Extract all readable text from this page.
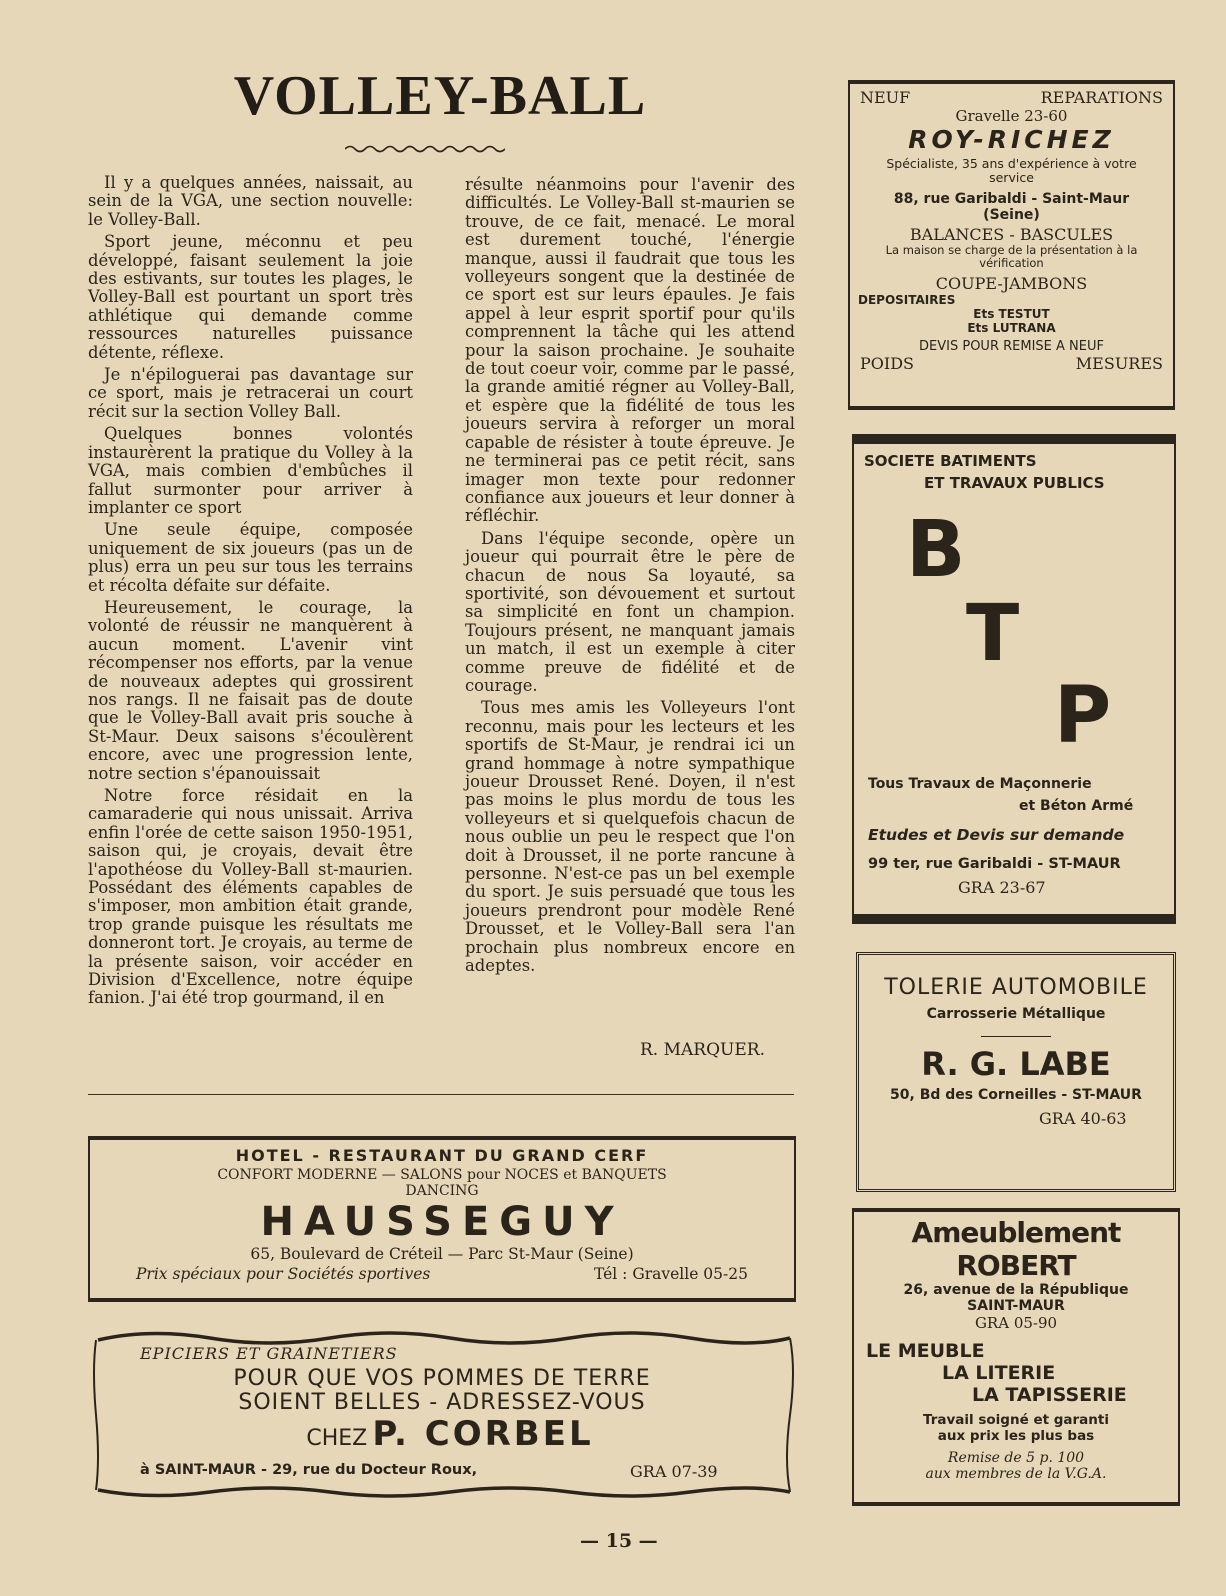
VOLLEY-BALL

Il y a quelques années, naissait, au sein de la VGA, une section nouvelle: le Volley-Ball.

Sport jeune, méconnu et peu développé, faisant seulement la joie des estivants, sur toutes les plages, le Volley-Ball est pourtant un sport très athlétique qui demande comme ressources naturelles puissance détente, réflexe.

Je n'épiloguerai pas davantage sur ce sport, mais je retracerai un court récit sur la section Volley Ball.

Quelques bonnes volontés instaurèrent la pratique du Volley à la VGA, mais combien d'embûches il fallut surmonter pour arriver à implanter ce sport

Une seule équipe, composée uniquement de six joueurs (pas un de plus) erra un peu sur tous les terrains et récolta défaite sur défaite.

Heureusement, le courage, la volonté de réussir ne manquèrent à aucun moment. L'avenir vint récompenser nos efforts, par la venue de nouveaux adeptes qui grossirent nos rangs. Il ne faisait pas de doute que le Volley-Ball avait pris souche à St-Maur. Deux saisons s'écoulèrent encore, avec une progression lente, notre section s'épanouissait

Notre force résidait en la camaraderie qui nous unissait. Arriva enfin l'orée de cette saison 1950-1951, saison qui, je croyais, devait être l'apothéose du Volley-Ball st-maurien. Possédant des éléments capables de s'imposer, mon ambition était grande, trop grande puisque les résultats me donneront tort. Je croyais, au terme de la présente saison, voir accéder en Division d'Excellence, notre équipe fanion. J'ai été trop gourmand, il en

résulte néanmoins pour l'avenir des difficultés. Le Volley-Ball st-maurien se trouve, de ce fait, menacé. Le moral est durement touché, l'énergie manque, aussi il faudrait que tous les volleyeurs songent que la destinée de ce sport est sur leurs épaules. Je fais appel à leur esprit sportif pour qu'ils comprennent la tâche qui les attend pour la saison prochaine. Je souhaite de tout coeur voir, comme par le passé, la grande amitié régner au Volley-Ball, et espère que la fidélité de tous les joueurs servira à reforger un moral capable de résister à toute épreuve. Je ne terminerai pas ce petit récit, sans imager mon texte pour redonner confiance aux joueurs et leur donner à réfléchir.

Dans l'équipe seconde, opère un joueur qui pourrait être le père de chacun de nous Sa loyauté, sa sportivité, son dévouement et surtout sa simplicité en font un champion. Toujours présent, ne manquant jamais un match, il est un exemple à citer comme preuve de fidélité et de courage.

Tous mes amis les Volleyeurs l'ont reconnu, mais pour les lecteurs et les sportifs de St-Maur, je rendrai ici un grand hommage à notre sympathique joueur Drousset René. Doyen, il n'est pas moins le plus mordu de tous les volleyeurs et si quelquefois chacun de nous oublie un peu le respect que l'on doit à Drousset, il ne porte rancune à personne. N'est-ce pas un bel exemple du sport. Je suis persuadé que tous les joueurs prendront pour modèle René Drousset, et le Volley-Ball sera l'an prochain plus nombreux encore en adeptes.

R. MARQUER.
HOTEL - RESTAURANT DU GRAND CERF
CONFORT MODERNE — SALONS pour NOCES et BANQUETS
DANCING
HAUSSEGUY
65, Boulevard de Créteil — Parc St-Maur (Seine)
Prix spéciaux pour Sociétés sportives	Tél : Gravelle 05-25
EPICIERS ET GRAINETIERS
POUR QUE VOS POMMES DE TERRE
SOIENT BELLES - ADRESSEZ-VOUS
CHEZ P. CORBEL
à SAINT-MAUR - 29, rue du Docteur Roux,	GRA 07-39
NEUF	REPARATIONS
Gravelle 23-60
ROY-RICHEZ
Spécialiste, 35 ans d'expérience à votre service
88, rue Garibaldi - Saint-Maur
(Seine)
BALANCES - BASCULES
La maison se charge de la présentation à la vérification
COUPE-JAMBONS
DEPOSITAIRES
Ets TESTUT
Ets LUTRANA
DEVIS POUR REMISE A NEUF
POIDS	MESURES
SOCIETE BATIMENTS
ET TRAVAUX PUBLICS
B
T
P
Tous Travaux de Maçonnerie
et Béton Armé
Etudes et Devis sur demande
99 ter, rue Garibaldi - ST-MAUR
GRA 23-67
TOLERIE AUTOMOBILE
Carrosserie Métallique
R. G. LABE
50, Bd des Corneilles - ST-MAUR
GRA 40-63
Ameublement ROBERT
26, avenue de la République
SAINT-MAUR
GRA 05-90
LE MEUBLE
LA LITERIE
LA TAPISSERIE
Travail soigné et garanti
aux prix les plus bas
Remise de 5 p. 100
aux membres de la V.G.A.
— 15 —
